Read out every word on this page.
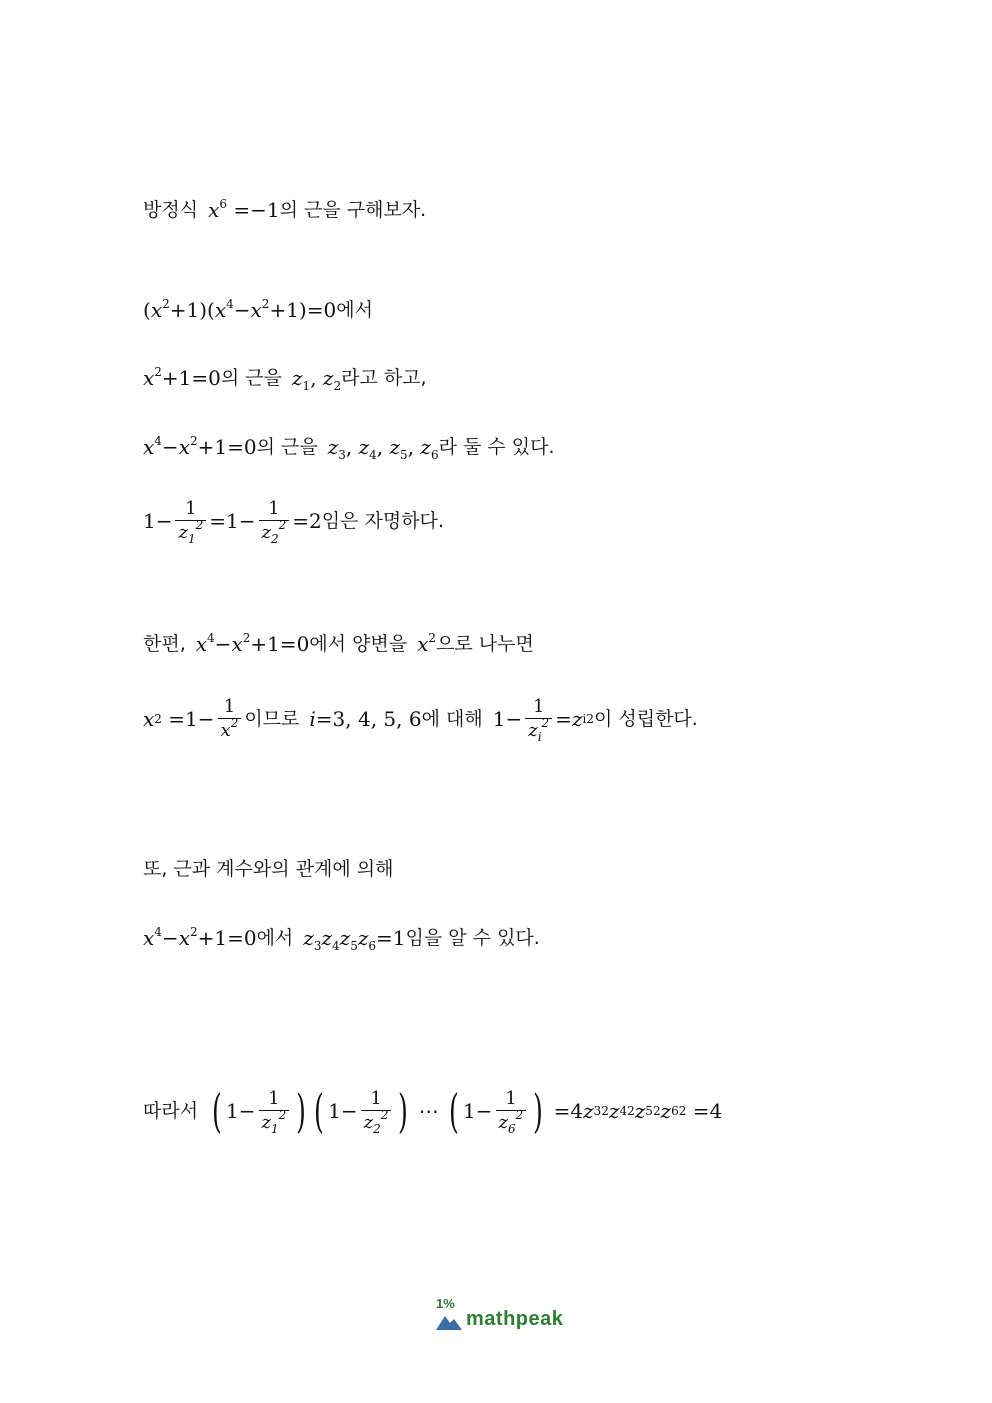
방정식 $x^6 =-1$ 의 근을 구해보자.
$(x^2+1)(x^4-x^2+1)=0$ 에서
$x^2+1=0$ 의 근을 $z_1$, $z_2$ 라고 하고,
$x^4-x^2+1=0$ 의 근을 $z_3$, $z_4$, $z_5$, $z_6$ 라 둘 수 있다.
$1- \frac{1}{z_1^2} =1- \frac{1}{z_2^2} =2$ 임은 자명하다.
한편, $x^4-x^2+1=0$ 에서 양변을 $x^2$ 으로 나누면
x $2 =1- \frac{1}{x^2}$ 이므로 i=3, 4, 5, 6 에 대해 $1- \frac{1}{z_i^2} = z$ i 2 이 성립한다.
또, 근과 계수와의 관계에 의해
$x^4-x^2+1=0$ 에서 $z_3z_4z_5z_6=1$ 임을 알 수 있다.
따라서 ( $1- \frac{1}{z_1^2}$ ) ( $1- \frac{1}{z_2^2}$ ) ⋯ ( $1- \frac{1}{z_6^2}$ ) =4 z 3 2 z 4 2 z 5 2 z 6 2 =4
1%
mathpeak
